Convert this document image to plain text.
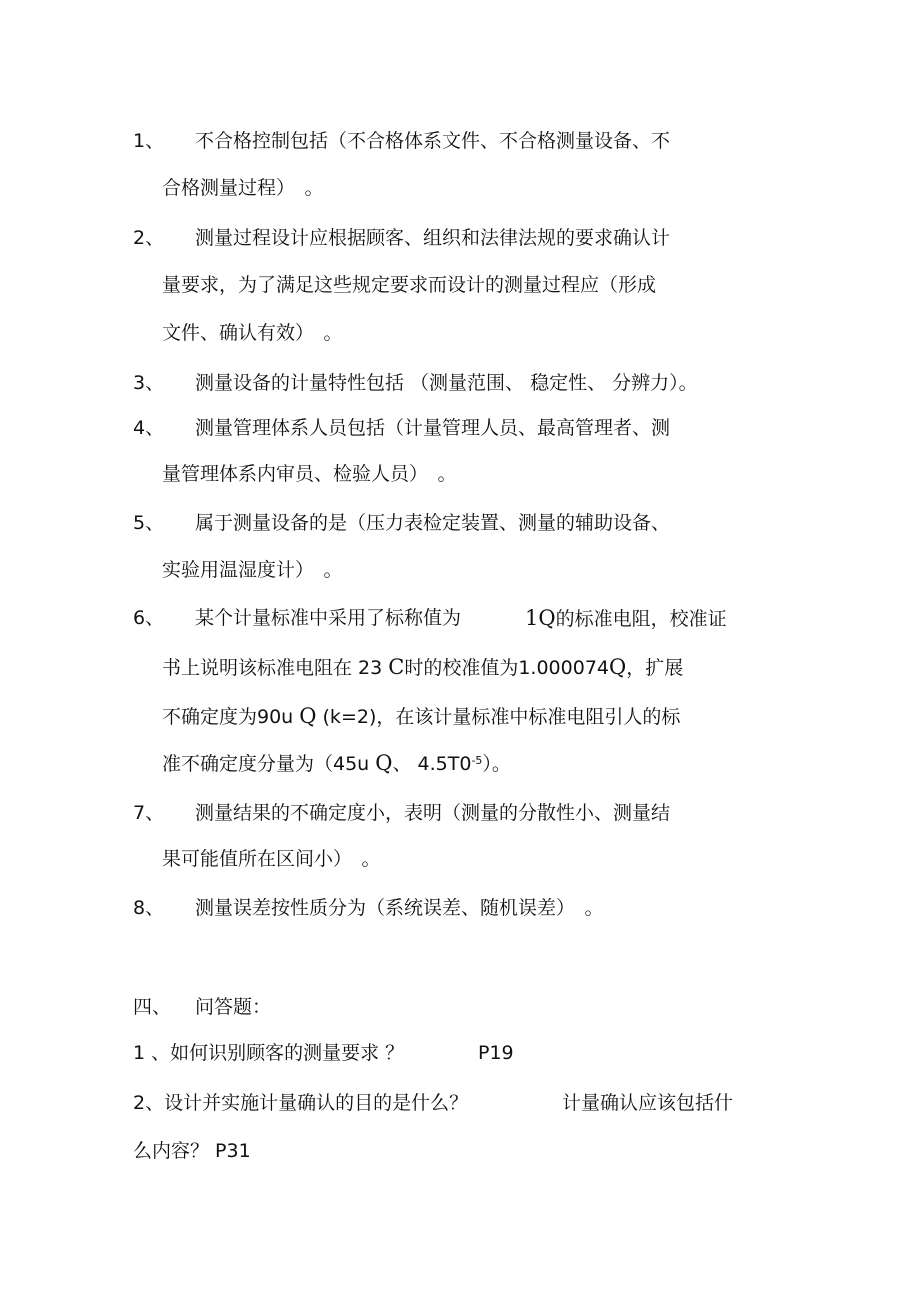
1、 不合格控制包括（不合格体系文件、不合格测量设备、不
合格测量过程）　。
2、 测量过程设计应根据顾客、组织和法律法规的要求确认计
量要求，为了满足这些规定要求而设计的测量过程应（形成
文件、确认有效）　。
3、 测量设备的计量特性包括 （测量范围、 稳定性、 分辨力）。
4、 测量管理体系人员包括（计量管理人员、最高管理者、测
量管理体系内审员、检验人员）　。
5、 属于测量设备的是（压力表检定装置、测量的辅助设备、
实验用温湿度计）　。
6、 某个计量标准中采用了标称值为	1Q的标准电阻，校准证
书上说明该标准电阻在 23 C时的校准值为1.000074Q，扩展
不确定度为90u Q (k=2)，在该计量标准中标准电阻引人的标
准不确定度分量为（45u Q、 $4.5T0^{-5}$）。
7、 测量结果的不确定度小，表明（测量的分散性小、测量结
果可能值所在区间小）　。
8、 测量误差按性质分为（系统误差、随机误差）　。
四、 问答题：
1 、如何识别顾客的测量要求 ？	P19
2、设计并实施计量确认的目的是什么？	计量确认应该包括什
么内容？ P31
